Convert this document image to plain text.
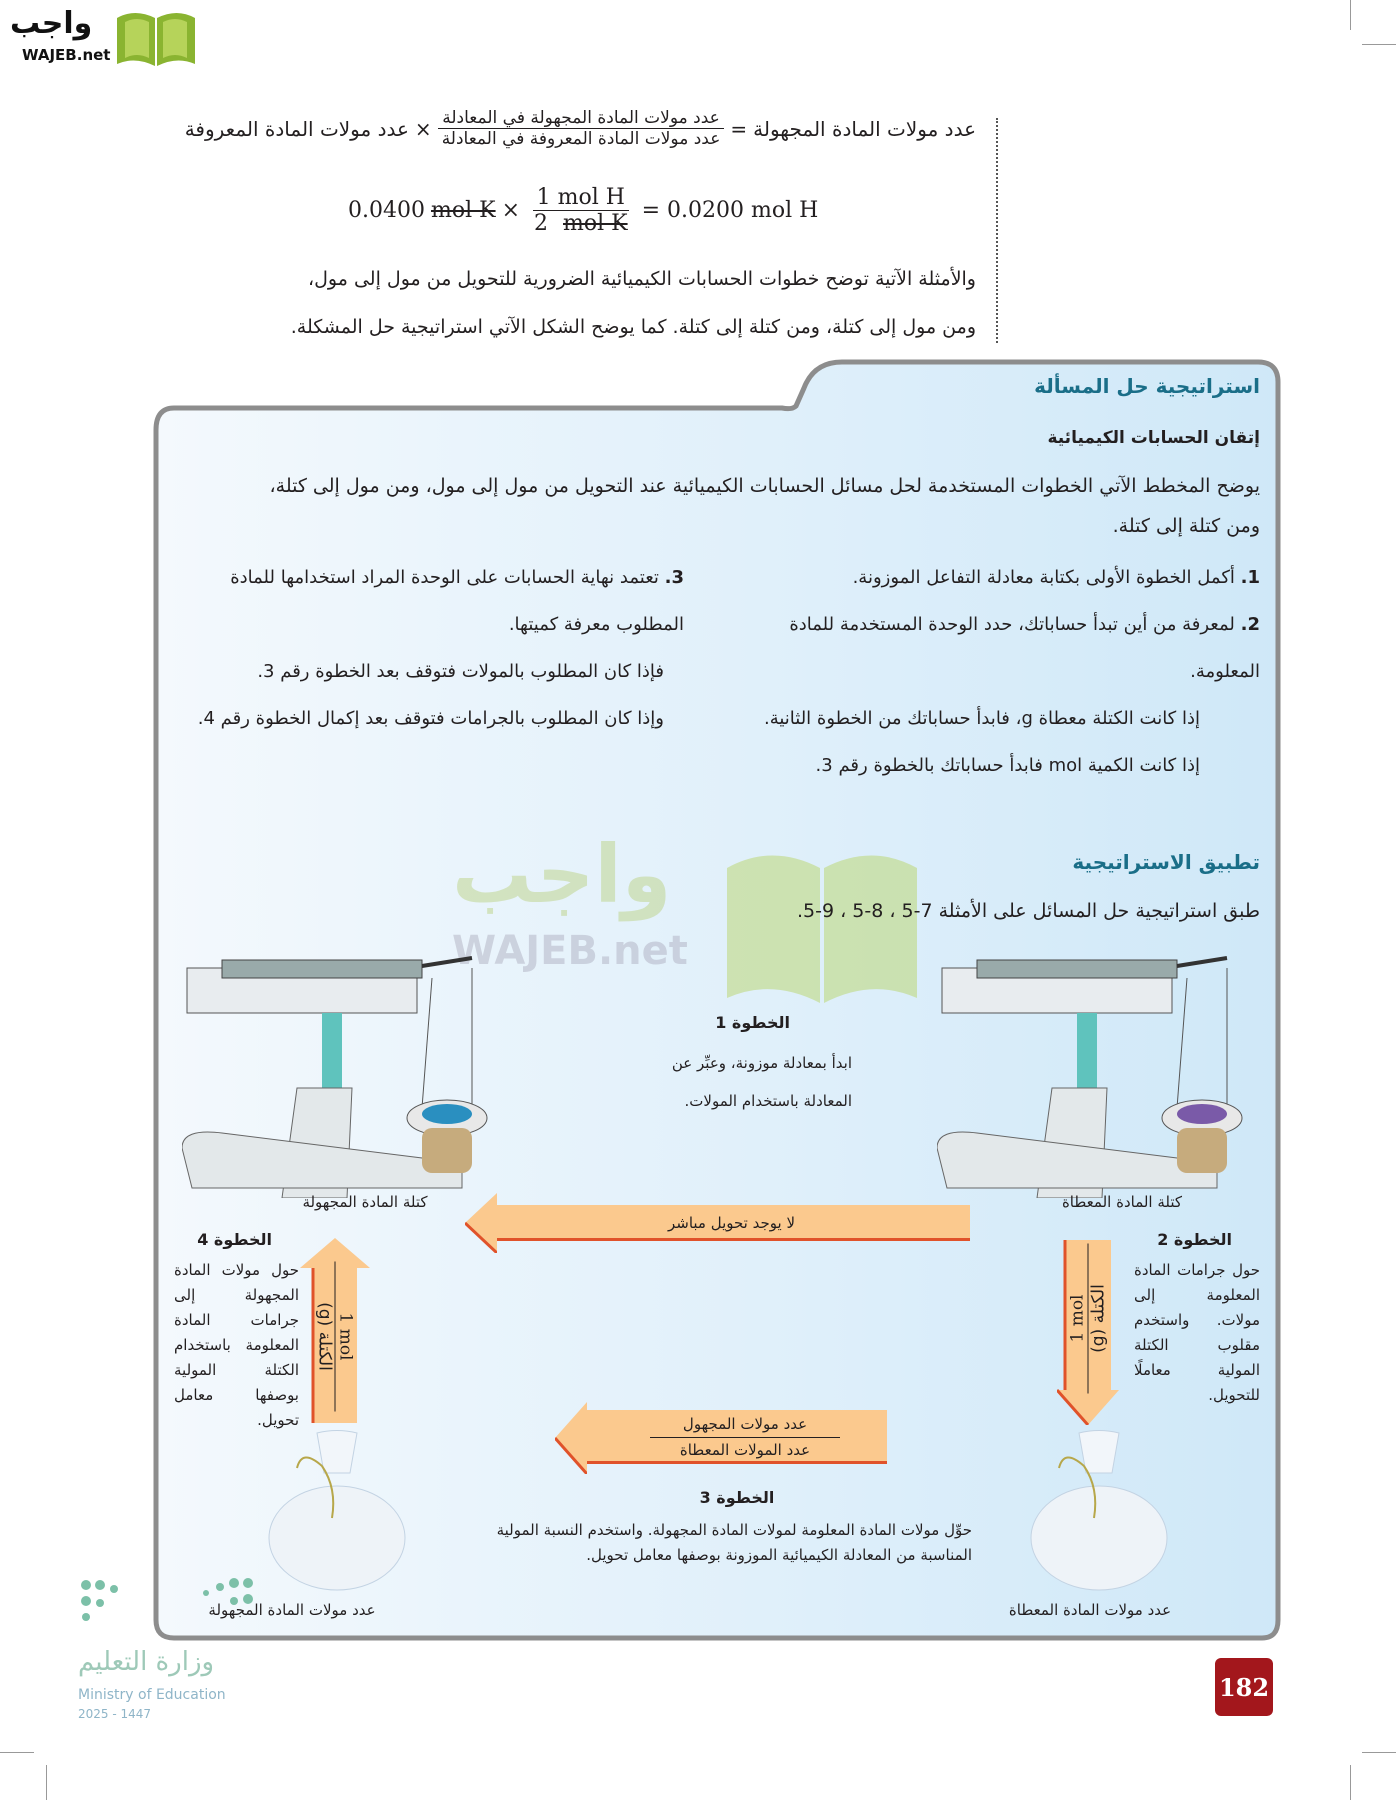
واجب
WAJEB.net
عدد مولات المادة المجهولة
=
$\frac{\text{عدد مولات المادة المجهولة في المعادلة}}{\text{عدد مولات المادة المعروفة في المعادلة}}$
×
عدد مولات المادة المعروفة
0.0400 mol $K \times \frac{\text{1 mol H}}{\text{2 mol K}} = 0.0200$ mol H
والأمثلة الآتية توضح خطوات الحسابات الكيميائية الضرورية للتحويل من مول إلى مول،
ومن مول إلى كتلة، ومن كتلة إلى كتلة. كما يوضح الشكل الآتي استراتيجية حل المشكلة.
واجب
WAJEB.net
استراتيجية حل المسألة
إتقان الحسابات الكيميائية
يوضح المخطط الآتي الخطوات المستخدمة لحل مسائل الحسابات الكيميائية عند التحويل من مول إلى مول، ومن مول إلى كتلة،
ومن كتلة إلى كتلة.
1. أكمل الخطوة الأولى بكتابة معادلة التفاعل الموزونة.
2. لمعرفة من أين تبدأ حساباتك، حدد الوحدة المستخدمة للمادة المعلومة.
إذا كانت الكتلة معطاة g، فابدأ حساباتك من الخطوة الثانية.
إذا كانت الكمية mol فابدأ حساباتك بالخطوة رقم 3.
3. تعتمد نهاية الحسابات على الوحدة المراد استخدامها للمادة المطلوب معرفة كميتها.
فإذا كان المطلوب بالمولات فتوقف بعد الخطوة رقم 3.
وإذا كان المطلوب بالجرامات فتوقف بعد إكمال الخطوة رقم 4.
تطبيق الاستراتيجية
طبق استراتيجية حل المسائل على الأمثلة 7-5 ، 8-5 ، 9-5.
الخطوة 1
ابدأ بمعادلة موزونة، وعبِّر عن
المعادلة باستخدام المولات.
كتلة المادة المجهولة	كتلة المادة المعطاة
لا يوجد تحويل مباشر
الخطوة 4
حول مولات المادة المجهولة إلى جرامات المادة المعلومة باستخدام الكتلة المولية بوصفها معامل تحويل.
1 mol
(g) الكتلة
الخطوة 2
حول جرامات المادة المعلومة إلى مولات. واستخدم مقلوب الكتلة المولية معاملًا للتحويل.
1 mol (g) الكتلة
عدد مولات المجهول
عدد المولات المعطاة
الخطوة 3
حوِّل مولات المادة المعلومة لمولات المادة المجهولة. واستخدم النسبة المولية
المناسبة من المعادلة الكيميائية الموزونة بوصفها معامل تحويل.
عدد مولات المادة المجهولة	عدد مولات المادة المعطاة
وزارة التعليم
Ministry of Education
2025 - 1447
182
